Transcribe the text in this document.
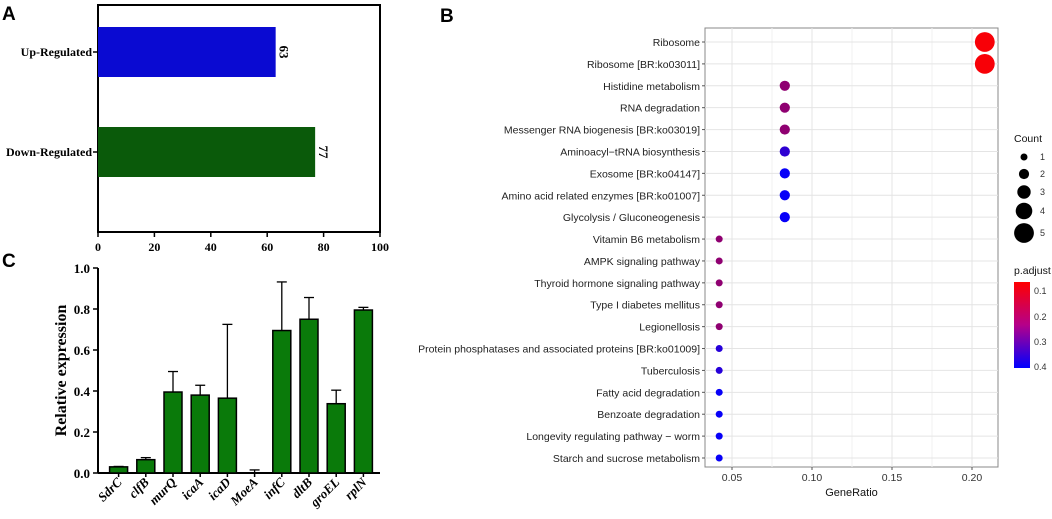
A	B
C
63
Up-Regulated
77
Down-Regulated
0	20	40	60	80	100
Ribosome
Ribosome [BR:ko03011]
Histidine metabolism
RNA degradation
Messenger RNA biogenesis [BR:ko03019]
Aminoacyl−tRNA biosynthesis
Exosome [BR:ko04147]
Amino acid related enzymes [BR:ko01007]
Glycolysis / Gluconeogenesis
Vitamin B6 metabolism
AMPK signaling pathway
Thyroid hormone signaling pathway
Type I diabetes mellitus
Legionellosis
Protein phosphatases and associated proteins [BR:ko01009]
Tuberculosis
Fatty acid degradation
Benzoate degradation
Longevity regulating pathway − worm
Starch and sucrose metabolism
0.05	0.10	0.15	0.20
GeneRatio
Count
1
2
3
4
5
p.adjust
0.1
0.2
0.3
0.4
0.0
0.2
0.4
0.6
0.8
1.0
Relative expression
SdrC clfB
murQ icaA
icaD
MoeA infC dltB
groEL rplN
